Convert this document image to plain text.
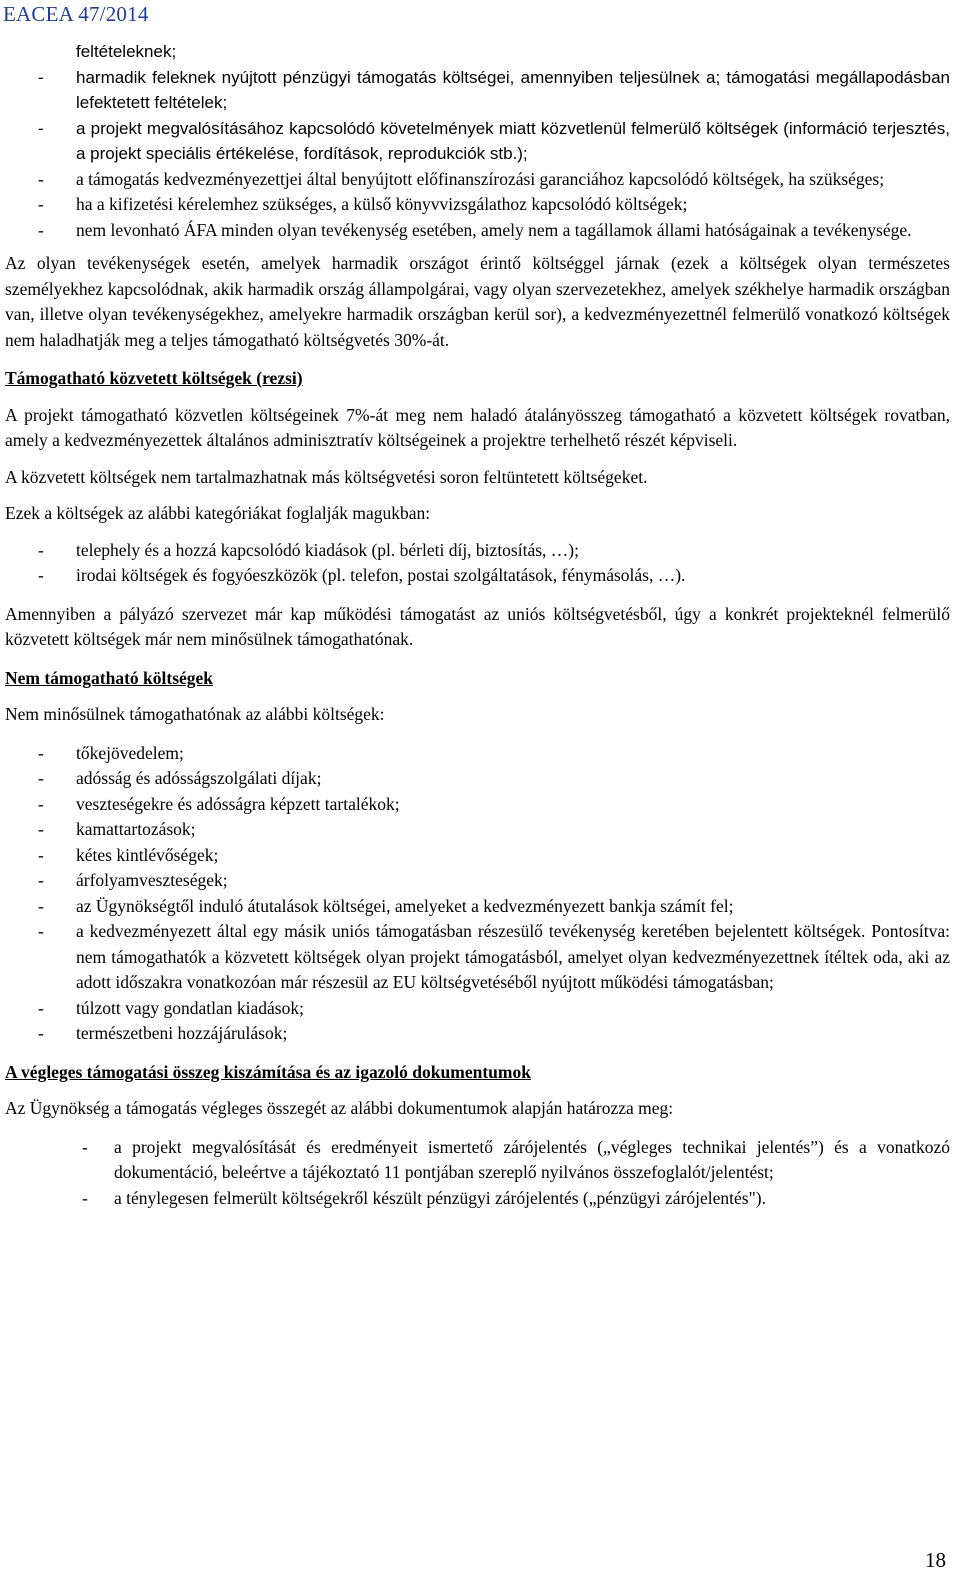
EACEA 47/2014
feltételeknek;
- harmadik feleknek nyújtott pénzügyi támogatás költségei, amennyiben teljesülnek a; támogatási megállapodásban lefektetett feltételek;
- a projekt megvalósításához kapcsolódó követelmények miatt közvetlenül felmerülő költségek (információ terjesztés, a projekt speciális értékelése, fordítások, reprodukciók stb.);
- a támogatás kedvezményezettjei által benyújtott előfinanszírozási garanciához kapcsolódó költségek, ha szükséges;
- ha a kifizetési kérelemhez szükséges, a külső könyvvizsgálathoz kapcsolódó költségek;
- nem levonható ÁFA minden olyan tevékenység esetében, amely nem a tagállamok állami hatóságainak a tevékenysége.

Az olyan tevékenységek esetén, amelyek harmadik országot érintő költséggel járnak (ezek a költségek olyan természetes személyekhez kapcsolódnak, akik harmadik ország állampolgárai, vagy olyan szervezetekhez, amelyek székhelye harmadik országban van, illetve olyan tevékenységekhez, amelyekre harmadik országban kerül sor), a kedvezményezettnél felmerülő vonatkozó költségek nem haladhatják meg a teljes támogatható költségvetés 30%-át.

Támogatható közvetett költségek (rezsi)

A projekt támogatható közvetlen költségeinek 7%-át meg nem haladó átalányösszeg támogatható a közvetett költségek rovatban, amely a kedvezményezettek általános adminisztratív költségeinek a projektre terhelhető részét képviseli.

A közvetett költségek nem tartalmazhatnak más költségvetési soron feltüntetett költségeket.

Ezek a költségek az alábbi kategóriákat foglalják magukban:

- telephely és a hozzá kapcsolódó kiadások (pl. bérleti díj, biztosítás, …);
- irodai költségek és fogyóeszközök (pl. telefon, postai szolgáltatások, fénymásolás, …).

Amennyiben a pályázó szervezet már kap működési támogatást az uniós költségvetésből, úgy a konkrét projekteknél felmerülő közvetett költségek már nem minősülnek támogathatónak.

Nem támogatható költségek

Nem minősülnek támogathatónak az alábbi költségek:

- tőkejövedelem;
- adósság és adósságszolgálati díjak;
- veszteségekre és adósságra képzett tartalékok;
- kamattartozások;
- kétes kintlévőségek;
- árfolyamveszteségek;
- az Ügynökségtől induló átutalások költségei, amelyeket a kedvezményezett bankja számít fel;
- a kedvezményezett által egy másik uniós támogatásban részesülő tevékenység keretében bejelentett költségek. Pontosítva: nem támogathatók a közvetett költségek olyan projekt támogatásból, amelyet olyan kedvezményezettnek ítéltek oda, aki az adott időszakra vonatkozóan már részesül az EU költségvetéséből nyújtott működési támogatásban;
- túlzott vagy gondatlan kiadások;
- természetbeni hozzájárulások;

A végleges támogatási összeg kiszámítása és az igazoló dokumentumok

Az Ügynökség a támogatás végleges összegét az alábbi dokumentumok alapján határozza meg:

- a projekt megvalósítását és eredményeit ismertető zárójelentés („végleges technikai jelentés”) és a vonatkozó dokumentáció, beleértve a tájékoztató 11 pontjában szereplő nyilvános összefoglalót/jelentést;
- a ténylegesen felmerült költségekről készült pénzügyi zárójelentés („pénzügyi zárójelentés").
18
